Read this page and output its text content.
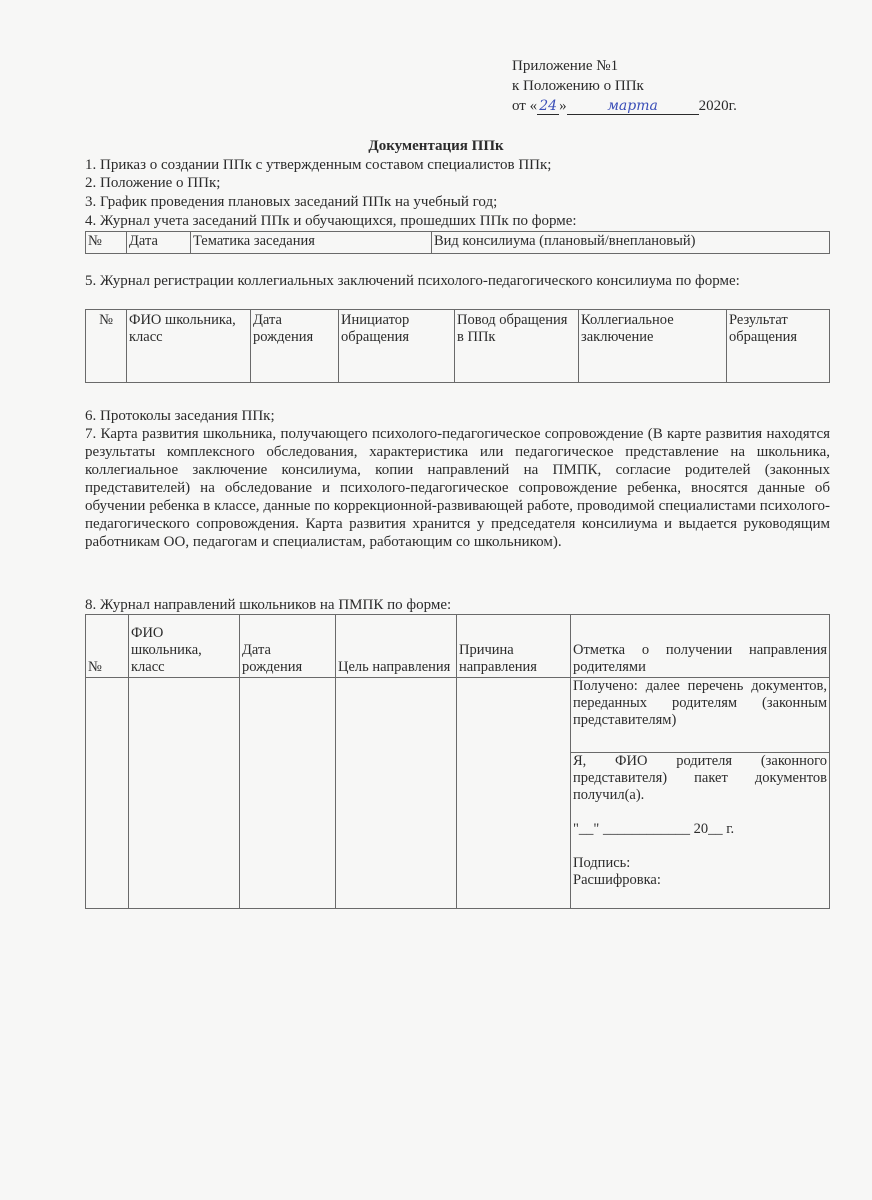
Приложение №1
к Положению о ППк
от « 24 »	марта	2020г.
Документация ППк
1. Приказ о создании ППк с утвержденным составом специалистов ППк;
2. Положение о ППк;
3. График проведения плановых заседаний ППк на учебный год;
4. Журнал учета заседаний ППк и обучающихся, прошедших ППк по форме:
№	Дата	Тематика заседания	Вид консилиума (плановый/внеплановый)
5. Журнал регистрации коллегиальных заключений психолого-педагогического консилиума по форме:
№	ФИО школьника, класс	Дата рождения	Инициатор обращения	Повод обращения в ППк	Коллегиальное заключение	Результат обращения
6. Протоколы заседания ППк;
7. Карта развития школьника, получающего психолого-педагогическое сопровождение (В карте развития находятся результаты комплексного обследования, характеристика или педагогическое представление на школьника, коллегиальное заключение консилиума, копии направлений на ПМПК, согласие родителей (законных представителей) на обследование и психолого-педагогическое сопровождение ребенка, вносятся данные об обучении ребенка в классе, данные по коррекционной-развивающей работе, проводимой специалистами психолого-педагогического сопровождения. Карта развития хранится у председателя консилиума и выдается руководящим работникам ОО, педагогам и специалистам, работающим со школьником).
8. Журнал направлений школьников на ПМПК по форме:
№	ФИО школьника, класс	Дата рождения	Цель направления	Причина направления	Отметка о получении направления родителями

					Получено: далее перечень документов, переданных родителям (законным представителям)

					Я, ФИО родителя (законного представителя) пакет документов получил(а).
"__" ____________ 20__ г.
Подпись:
Расшифровка:
